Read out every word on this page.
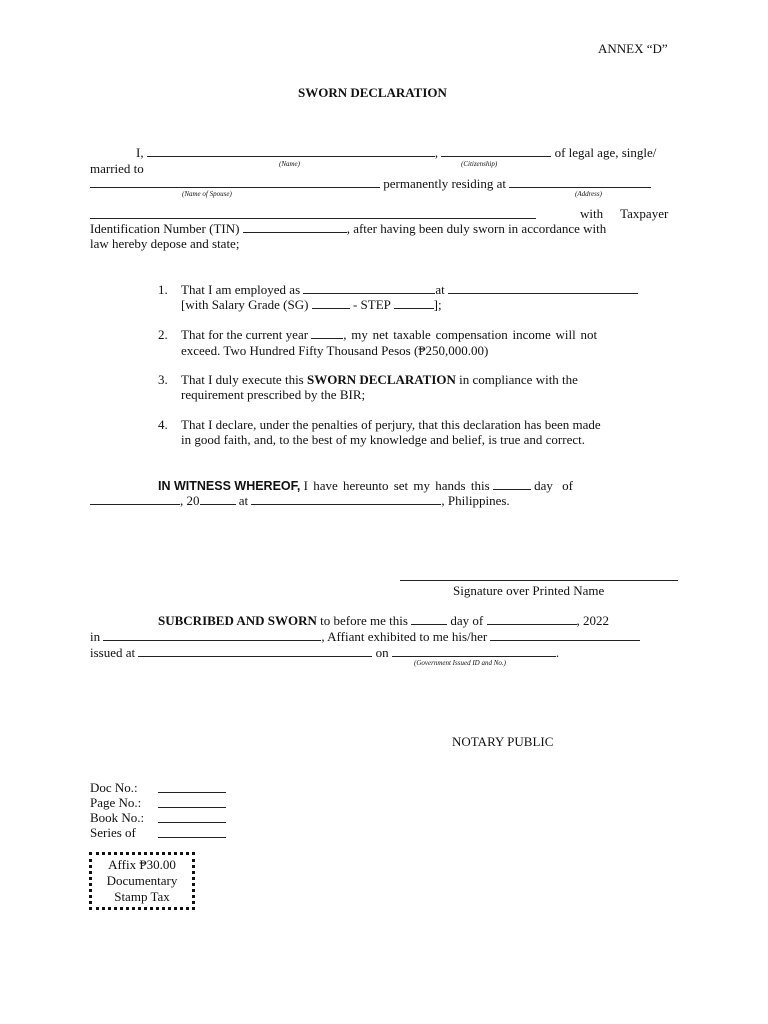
ANNEX “D”
SWORN DECLARATION
I,	,	of legal age, single/
(Name)	(Citizenship)
married to
permanently residing at
(Name of Spouse)	(Address)
with Taxpayer
Identification Number (TIN)	, after having been duly sworn in accordance with
law hereby depose and state;
1. That I am employed as	at
[with Salary Grade (SG)	- STEP	];
2. That for the current year	, my net taxable compensation income will not
exceed. Two Hundred Fifty Thousand Pesos (₱250,000.00)
3. That I duly execute this SWORN DECLARATION in compliance with the
requirement prescribed by the BIR;
4. That I declare, under the penalties of perjury, that this declaration has been made
in good faith, and, to the best of my knowledge and belief, is true and correct.
IN WITNESS WHEREOF, I have hereunto set my hands this	day of
, 20	at	, Philippines.
Signature over Printed Name
SUBCRIBED AND SWORN to before me this	day of	, 2022
in	, Affiant exhibited to me his/her
issued at	on	.
(Government Issued ID and No.)
NOTARY PUBLIC
Doc No.:
Page No.:
Book No.:
Series of
Affix ₱30.00
Documentary
Stamp Tax
